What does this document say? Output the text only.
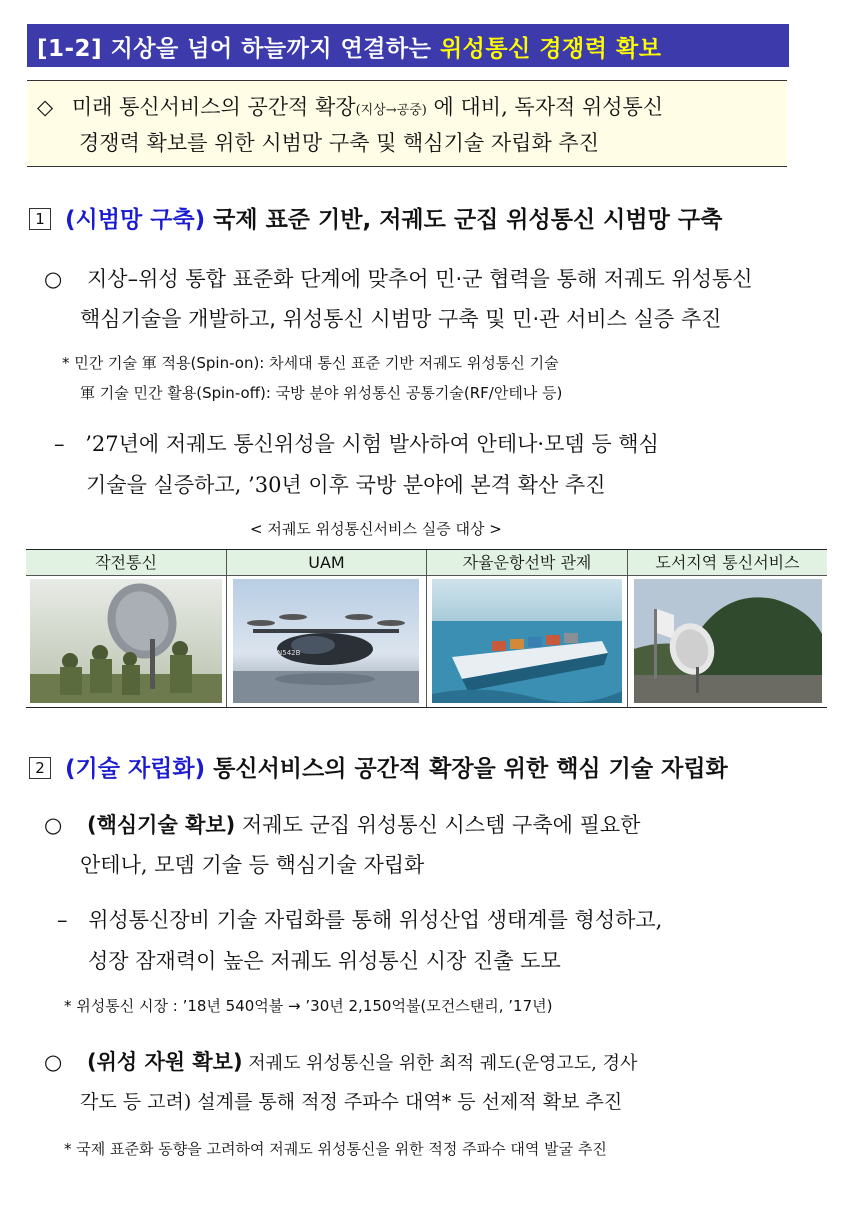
[1-2] 지상을 넘어 하늘까지 연결하는 위성통신 경쟁력 확보
◇ 미래 통신서비스의 공간적 확장(지상→공중) 에 대비, 독자적 위성통신
경쟁력 확보를 위한 시범망 구축 및 핵심기술 자립화 추진
1 (시범망 구축) 국제 표준 기반, 저궤도 군집 위성통신 시범망 구축
○ 지상–위성 통합 표준화 단계에 맞추어 민·군 협력을 통해 저궤도 위성통신
핵심기술을 개발하고, 위성통신 시범망 구축 및 민·관 서비스 실증 추진
* 민간 기술 軍 적용(Spin-on): 차세대 통신 표준 기반 저궤도 위성통신 기술
軍 기술 민간 활용(Spin-off): 국방 분야 위성통신 공통기술(RF/안테나 등)
– ’27년에 저궤도 통신위성을 시험 발사하여 안테나·모뎀 등 핵심
기술을 실증하고, ’30년 이후 국방 분야에 본격 확산 추진
< 저궤도 위성통신서비스 실증 대상 >
작전통신	UAM	자율운항선박 관제	도서지역 통신서비스
N542B
2 (기술 자립화) 통신서비스의 공간적 확장을 위한 핵심 기술 자립화
○ (핵심기술 확보) 저궤도 군집 위성통신 시스템 구축에 필요한
안테나, 모뎀 기술 등 핵심기술 자립화
– 위성통신장비 기술 자립화를 통해 위성산업 생태계를 형성하고,
성장 잠재력이 높은 저궤도 위성통신 시장 진출 도모
* 위성통신 시장 : ’18년 540억불 → ’30년 2,150억불(모건스탠리, ’17년)
○ (위성 자원 확보) 저궤도 위성통신을 위한 최적 궤도(운영고도, 경사
각도 등 고려) 설계를 통해 적정 주파수 대역* 등 선제적 확보 추진
* 국제 표준화 동향을 고려하여 저궤도 위성통신을 위한 적정 주파수 대역 발굴 추진
